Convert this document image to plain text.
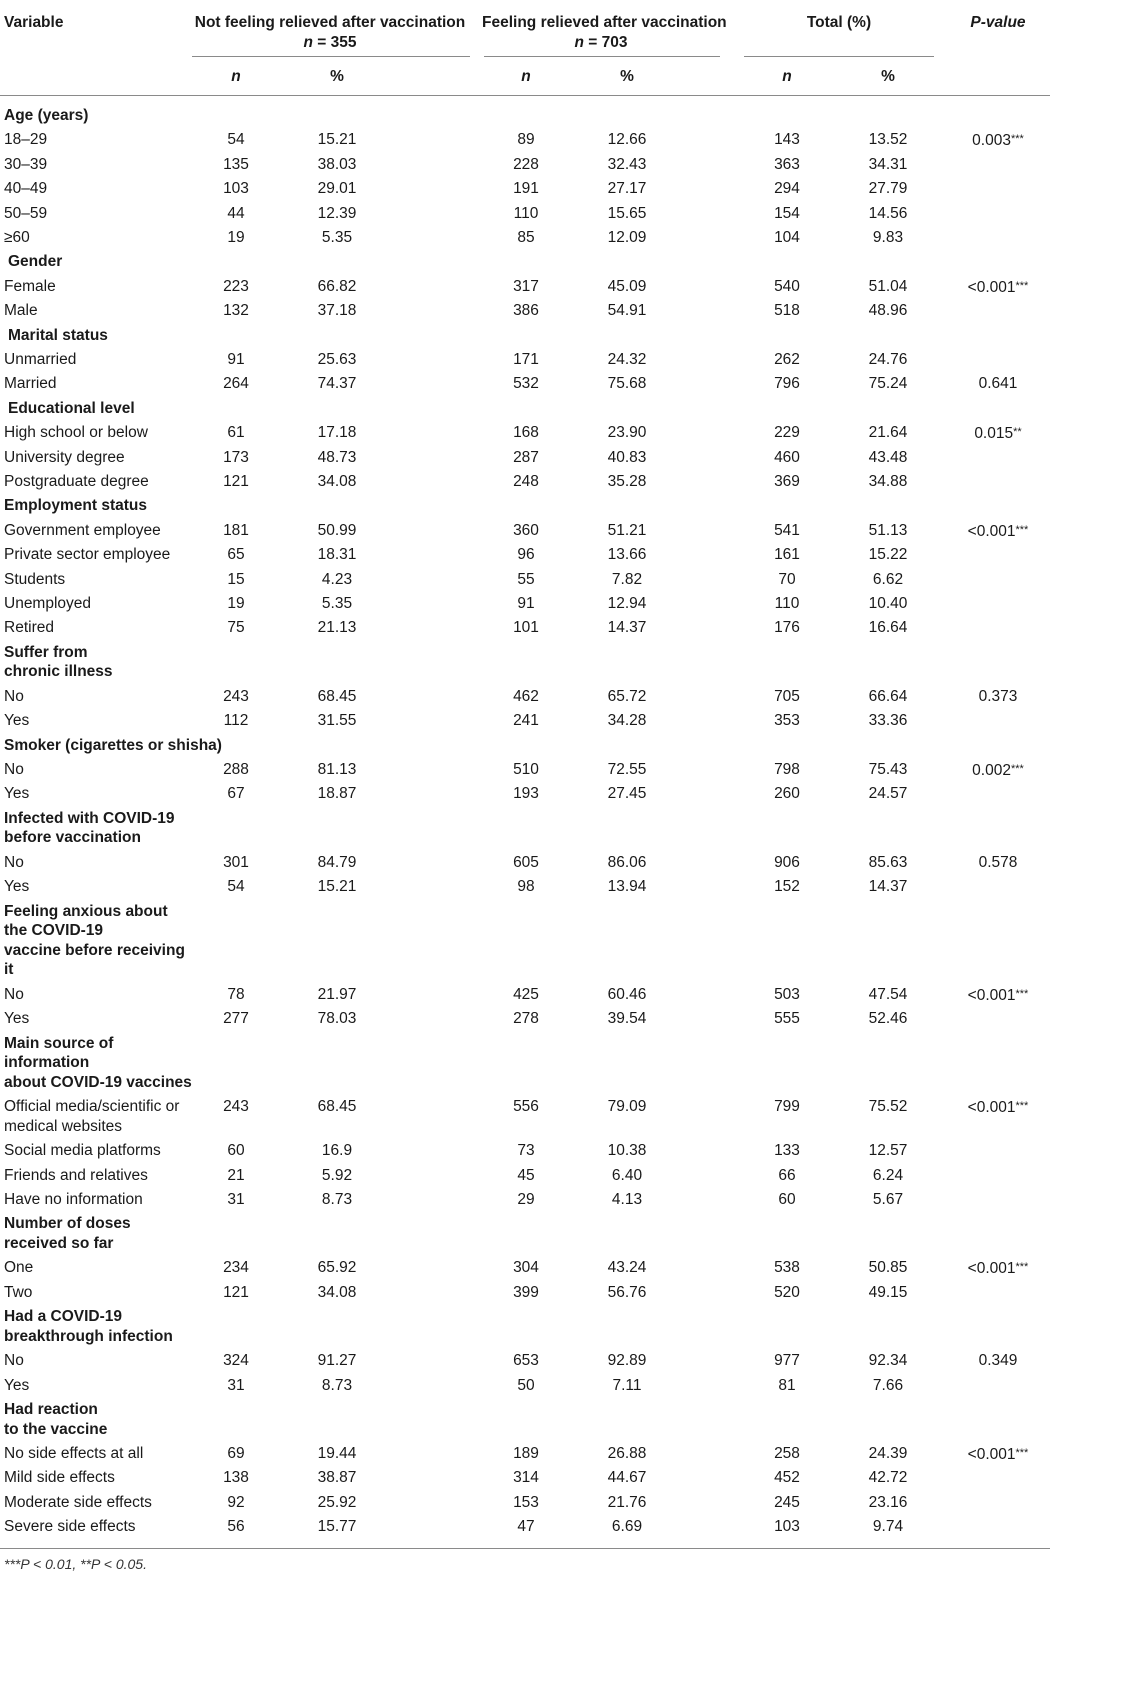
Variable	Not feeling relieved after vaccination
n = 355
Feeling relieved after vaccination
n = 703
Total (%)	P-value
n	%	n	%	n	%
Age (years)
18–29	54	15.21	89	12.66	143	13.52	0.003***
30–39	135	38.03	228	32.43	363	34.31
40–49	103	29.01	191	27.17	294	27.79
50–59	44	12.39	110	15.65	154	14.56
≥60	19	5.35	85	12.09	104	9.83
Gender
Female	223	66.82	317	45.09	540	51.04	<0.001***
Male	132	37.18	386	54.91	518	48.96
Marital status
Unmarried	91	25.63	171	24.32	262	24.76
Married	264	74.37	532	75.68	796	75.24	0.641
Educational level
High school or below	61	17.18	168	23.90	229	21.64	0.015**
University degree	173	48.73	287	40.83	460	43.48
Postgraduate degree	121	34.08	248	35.28	369	34.88
Employment status
Government employee	181	50.99	360	51.21	541	51.13	<0.001***
Private sector employee	65	18.31	96	13.66	161	15.22
Students	15	4.23	55	7.82	70	6.62
Unemployed	19	5.35	91	12.94	110	10.40
Retired	75	21.13	101	14.37	176	16.64
Suffer from
chronic illness
No	243	68.45	462	65.72	705	66.64	0.373
Yes	112	31.55	241	34.28	353	33.36
Smoker (cigarettes or shisha)
No	288	81.13	510	72.55	798	75.43	0.002***
Yes	67	18.87	193	27.45	260	24.57
Infected with COVID-19
before vaccination
No	301	84.79	605	86.06	906	85.63	0.578
Yes	54	15.21	98	13.94	152	14.37
Feeling anxious about
the COVID-19
vaccine before receiving
it
No	78	21.97	425	60.46	503	47.54	<0.001***
Yes	277	78.03	278	39.54	555	52.46
Main source of
information
about COVID-19 vaccines
Official media/scientific or
medical websites
243	68.45	556	79.09	799	75.52	<0.001***
Social media platforms	60	16.9	73	10.38	133	12.57
Friends and relatives	21	5.92	45	6.40	66	6.24
Have no information	31	8.73	29	4.13	60	5.67
Number of doses
received so far
One	234	65.92	304	43.24	538	50.85	<0.001***
Two	121	34.08	399	56.76	520	49.15
Had a COVID-19
breakthrough infection
No	324	91.27	653	92.89	977	92.34	0.349
Yes	31	8.73	50	7.11	81	7.66
Had reaction
to the vaccine
No side effects at all	69	19.44	189	26.88	258	24.39	<0.001***
Mild side effects	138	38.87	314	44.67	452	42.72
Moderate side effects	92	25.92	153	21.76	245	23.16
Severe side effects	56	15.77	47	6.69	103	9.74
***P < 0.01, **P < 0.05.
